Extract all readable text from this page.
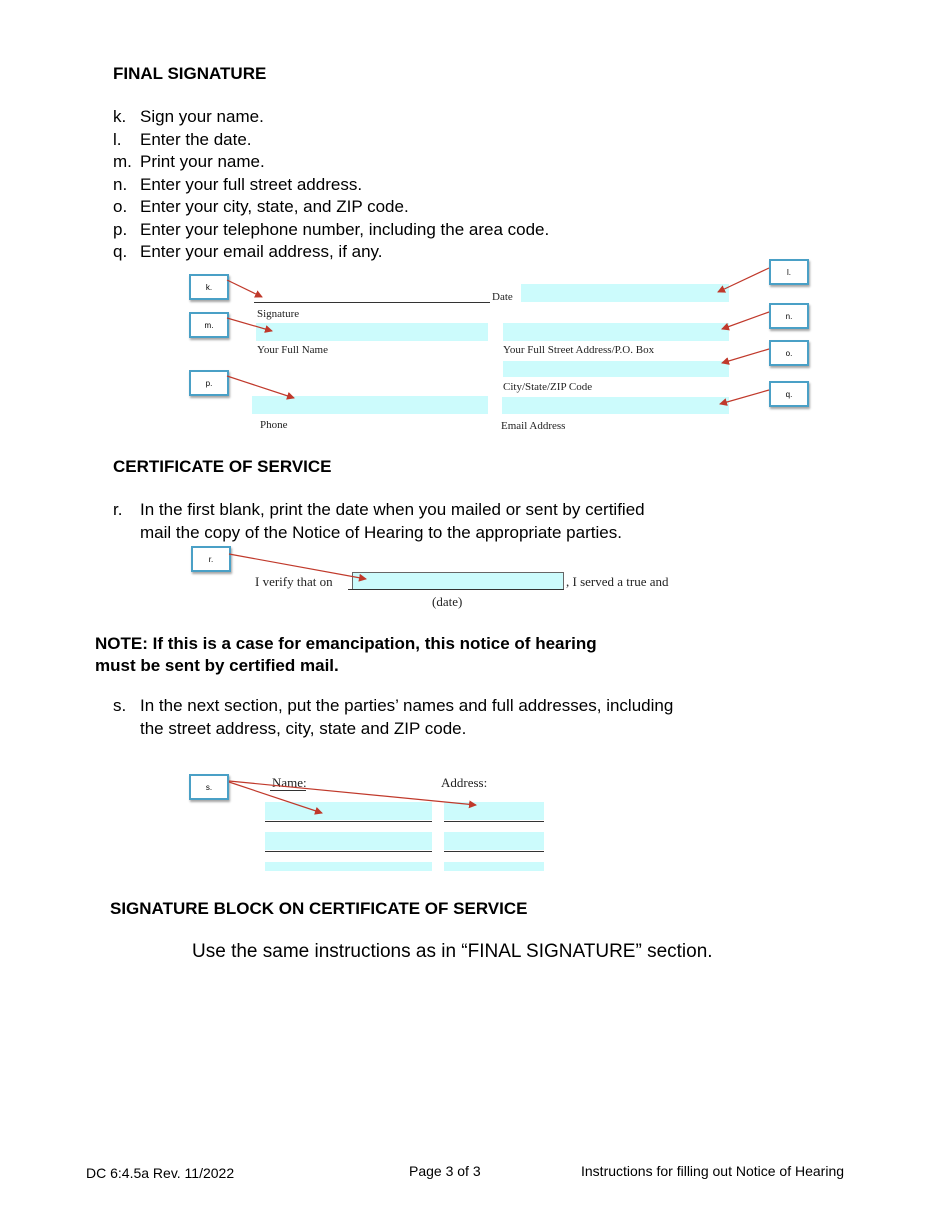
FINAL SIGNATURE
k. Sign your name.
l. Enter the date.
m. Print your name.
n. Enter your full street address.
o. Enter your city, state, and ZIP code.
p. Enter your telephone number, including the area code.
q. Enter your email address, if any.
Date
Signature
Your Full Name	Your Full Street Address/P.O. Box
City/State/ZIP Code
Phone	Email Address
k.
m.
p.
l.
n.
o.
q.
CERTIFICATE OF SERVICE
r. In the first blank, print the date when you mailed or sent by certified
mail the copy of the Notice of Hearing to the appropriate parties.
r.
I verify that on	, I served a true and
(date)
NOTE: If this is a case for emancipation, this notice of hearing
must be sent by certified mail.
s. In the next section, put the parties’ names and full addresses, including
the street address, city, state and ZIP code.
s.	Name:	Address:
SIGNATURE BLOCK ON CERTIFICATE OF SERVICE
Use the same instructions as in “FINAL SIGNATURE” section.
DC 6:4.5a Rev. 11/2022	Page 3 of 3	Instructions for filling out Notice of Hearing
